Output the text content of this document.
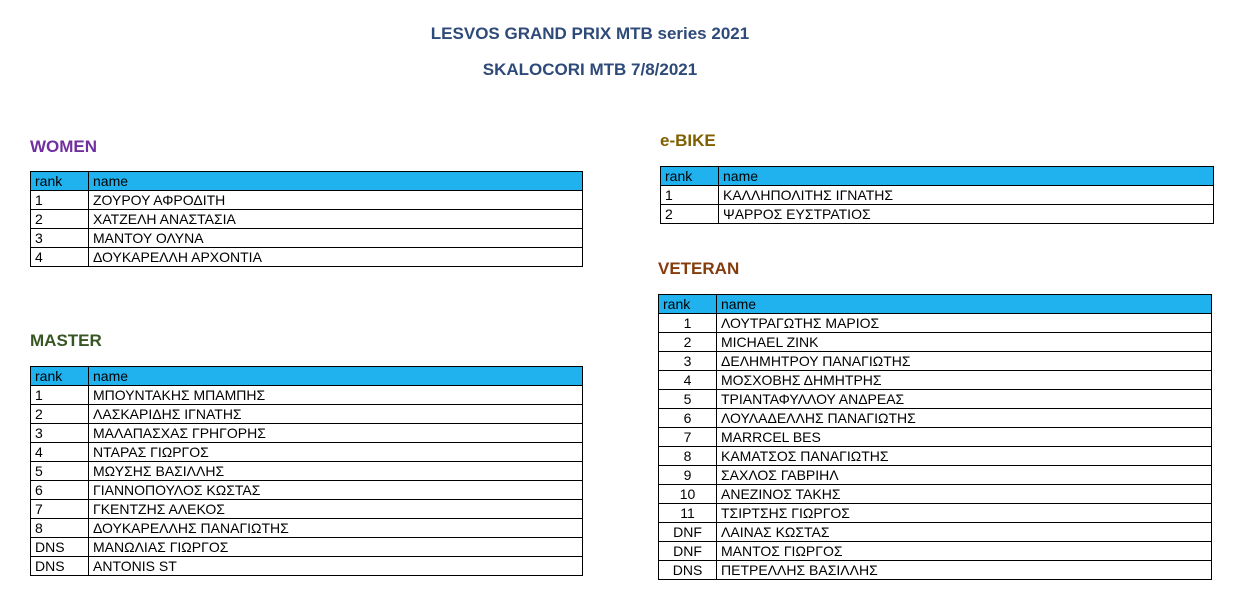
LESVOS GRAND PRIX MTB series 2021
SKALOCORI MTB 7/8/2021
WOMEN
rank	name
1	ΖΟΥΡΟΥ ΑΦΡΟΔΙΤΗ
2	ΧΑΤΖΕΛΗ ΑΝΑΣΤΑΣΙΑ
3	ΜΑΝΤΟΥ ΟΛΥΝΑ
4	ΔΟΥΚΑΡΕΛΛΗ ΑΡΧΟΝΤΙΑ
MASTER
rank	name
1	ΜΠΟΥΝΤΑΚΗΣ ΜΠΑΜΠΗΣ
2	ΛΑΣΚΑΡΙΔΗΣ ΙΓΝΑΤΗΣ
3	ΜΑΛΑΠΑΣΧΑΣ ΓΡΗΓΟΡΗΣ
4	ΝΤΑΡΑΣ ΓΙΩΡΓΟΣ
5	ΜΩΥΣΗΣ ΒΑΣΙΛΛΗΣ
6	ΓΙΑΝΝΟΠΟΥΛΟΣ ΚΩΣΤΑΣ
7	ΓΚΕΝΤΖΗΣ ΑΛΕΚΟΣ
8	ΔΟΥΚΑΡΕΛΛΗΣ ΠΑΝΑΓΙΩΤΗΣ
DNS	ΜΑΝΩΛΙΑΣ ΓΙΩΡΓΟΣ
DNS	ANTONIS ST
e-BIKE
rank	name
1	ΚΑΛΛΗΠΟΛΙΤΗΣ ΙΓΝΑΤΗΣ
2	ΨΑΡΡΟΣ ΕΥΣΤΡΑΤΙΟΣ
VETERAN
rank	name
1	ΛΟΥΤΡΑΓΩΤΗΣ ΜΑΡΙΟΣ
2	MICHAEL ZINK
3	ΔΕΛΗΜΗΤΡΟΥ ΠΑΝΑΓΙΩΤΗΣ
4	ΜΟΣΧΟΒΗΣ ΔΗΜΗΤΡΗΣ
5	ΤΡΙΑΝΤΑΦΥΛΛΟΥ ΑΝΔΡΕΑΣ
6	ΛΟΥΛΑΔΕΛΛΗΣ ΠΑΝΑΓΙΩΤΗΣ
7	MARRCEL BES
8	ΚΑΜΑΤΣΟΣ ΠΑΝΑΓΙΩΤΗΣ
9	ΣΑΧΛΟΣ ΓΑΒΡΙΗΛ
10	ΑΝΕΖΙΝΟΣ ΤΑΚΗΣ
11	ΤΣΙΡΤΣΗΣ ΓΙΩΡΓΟΣ
DNF	ΛΑΙΝΑΣ ΚΩΣΤΑΣ
DNF	ΜΑΝΤΟΣ ΓΙΩΡΓΟΣ
DNS	ΠΕΤΡΕΛΛΗΣ ΒΑΣΙΛΛΗΣ
